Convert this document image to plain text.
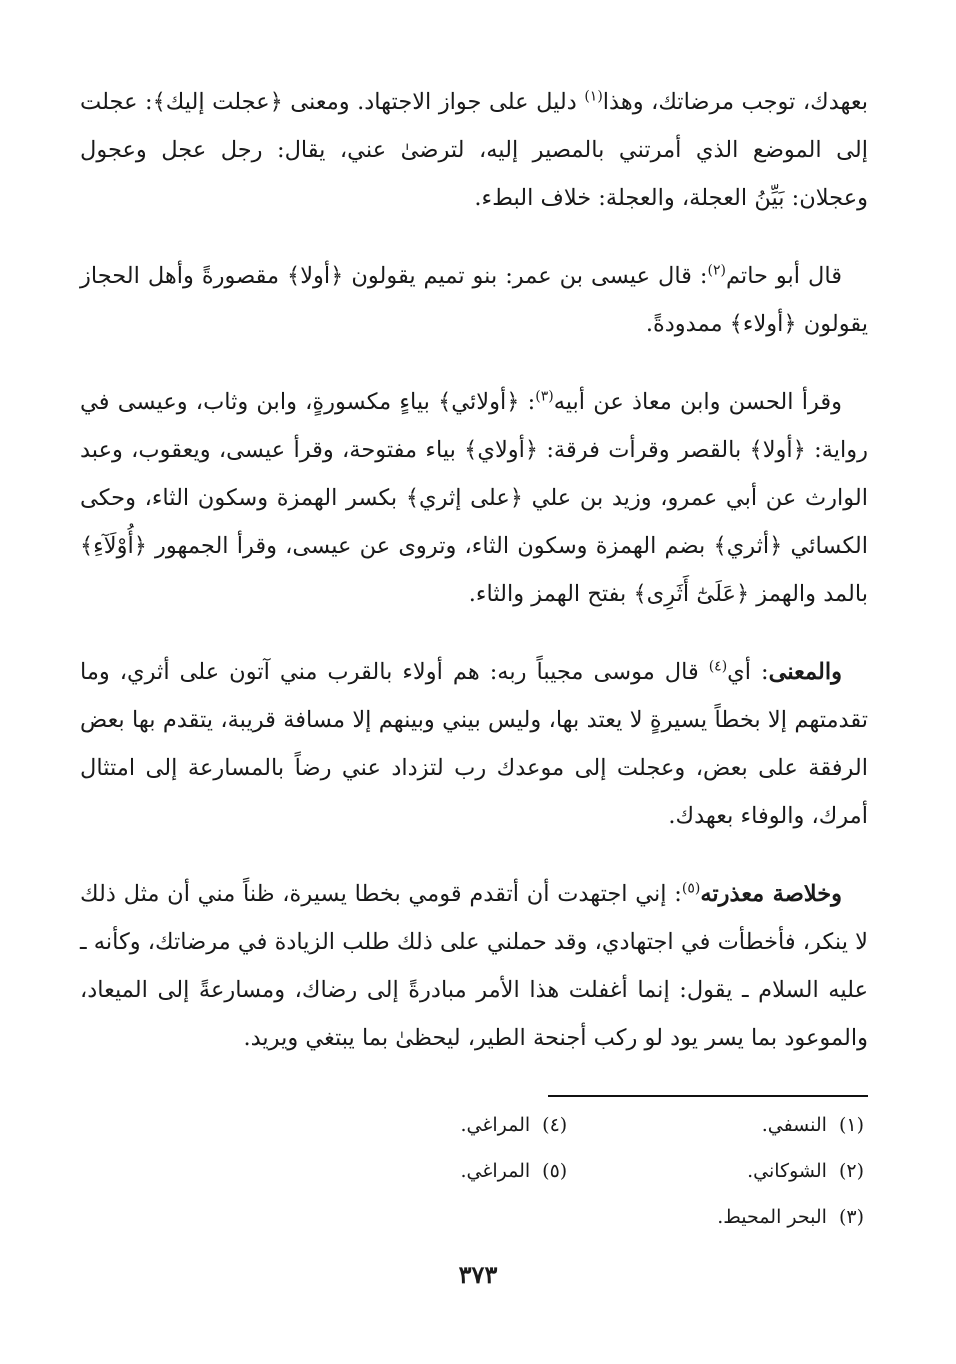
بعهدك، توجب مرضاتك، وهذا$^{(١)}$ دليل على جواز الاجتهاد. ومعنى ﴿عجلت إليك﴾: عجلت إلى الموضع الذي أمرتني بالمصير إليه، لترضىٰ عني، يقال: رجل عجل وعجول وعجلان: بَيِّنُ العجلة، والعجلة: خلاف البطء.

قال أبو حاتم$^{(٢)}$: قال عيسى بن عمر: بنو تميم يقولون ﴿أولا﴾ مقصورةً وأهل الحجاز يقولون ﴿أولاء﴾ ممدودةً.

وقرأ الحسن وابن معاذ عن أبيه$^{(٣)}$: ﴿أولائي﴾ بياءٍ مكسورةٍ، وابن وثاب، وعيسى في رواية: ﴿أولا﴾ بالقصر وقرأت فرقة: ﴿أولاي﴾ بياء مفتوحة، وقرأ عيسى، ويعقوب، وعبد الوارث عن أبي عمرو، وزيد بن علي ﴿على إثري﴾ بكسر الهمزة وسكون الثاء، وحكى الكسائي ﴿أثري﴾ بضم الهمزة وسكون الثاء، وتروى عن عيسى، وقرأ الجمهور ﴿أُوْلَآءِ﴾ بالمد والهمز ﴿عَلَىٰٓ أَثَرِى﴾ بفتح الهمز والثاء.

والمعنى: أي$^{(٤)}$ قال موسى مجيباً ربه: هم أولاء بالقرب مني آتون على أثري، وما تقدمتهم إلا بخطاً يسيرةٍ لا يعتد بها، وليس بيني وبينهم إلا مسافة قريبة، يتقدم بها بعض الرفقة على بعض، وعجلت إلى موعدك رب لتزداد عني رضاً بالمسارعة إلى امتثال أمرك، والوفاء بعهدك.

وخلاصة معذرته$^{(٥)}$: إني اجتهدت أن أتقدم قومي بخطا يسيرة، ظناً مني أن مثل ذلك لا ينكر، فأخطأت في اجتهادي، وقد حملني على ذلك طلب الزيادة في مرضاتك، وكأنه ـ عليه السلام ـ يقول: إنما أغفلت هذا الأمر مبادرةً إلى رضاك، ومسارعةً إلى الميعاد، والموعود بما يسر يود لو ركب أجنحة الطير، ليحظىٰ بما يبتغي ويريد.

(١)النسفي.
(٢)الشوكاني.
(٣)البحر المحيط.
(٤)المراغي.
(٥)المراغي.
٣٧٣
